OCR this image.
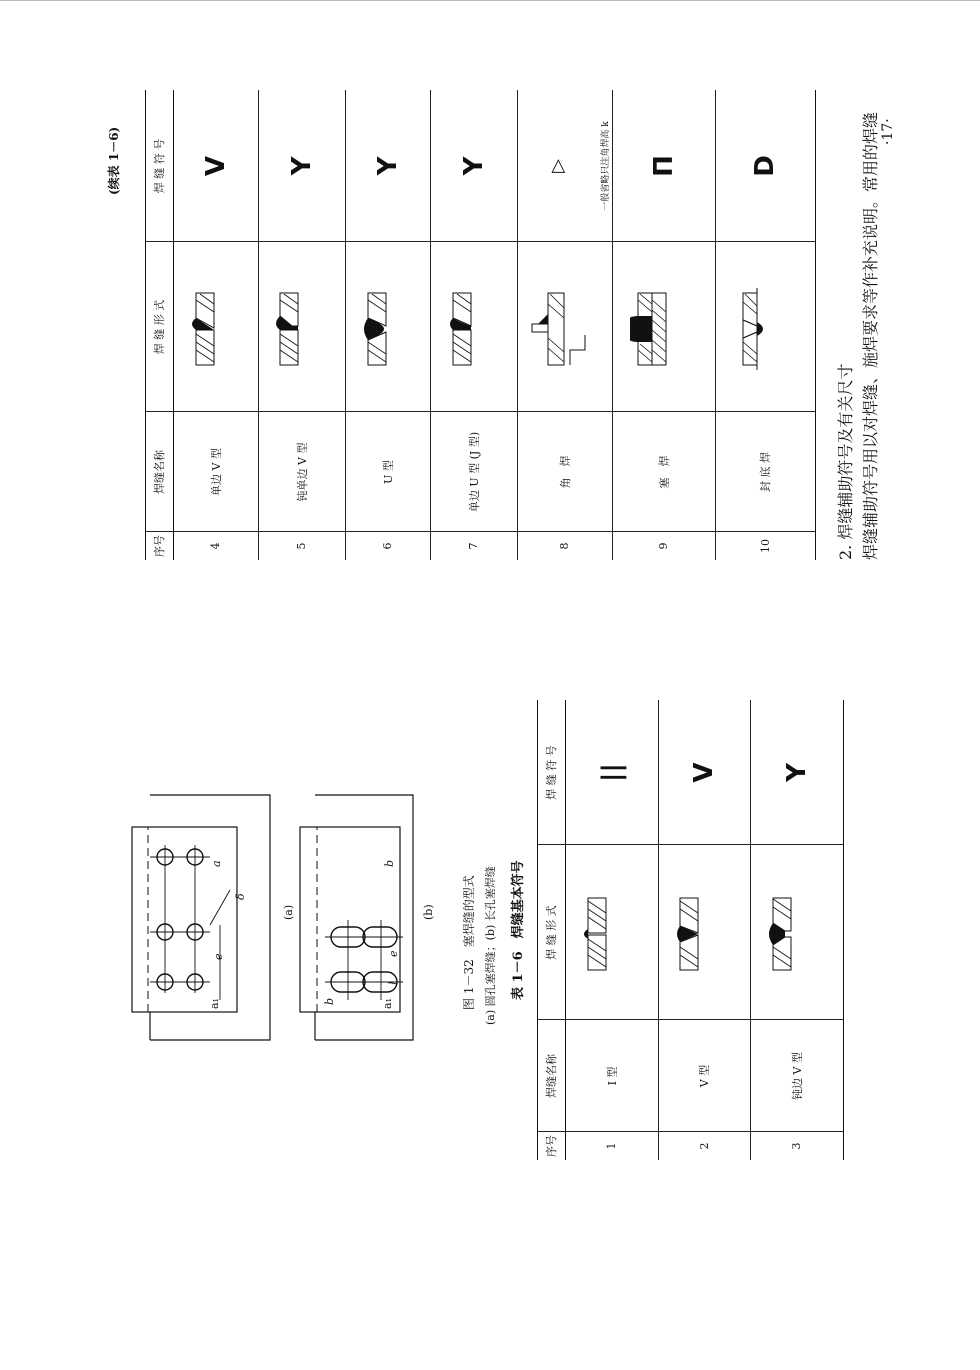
a₁
e
δ
a
(a)
a₁
l
e
b
b
(b) 图 1－32　塞焊缝的型式 (a) 圆孔塞焊缝；(b) 长孔塞焊缝	表 1－6　焊缝基本符号
序号
焊缝名称
焊 缝 形 式
焊 缝 符 号
1
I 型
||
2
V 型
V
3
钝边 V 型
Y
(续表 1－6)
序号
焊缝名称
焊 缝 形 式
焊 缝 符 号
4
单边 V 型
V
5
钝单边 V 型
Y
6
U 型
Y
7
单边 U 型 (J 型)
Y
8
角　焊
▷	一般省略只注角焊高 k
9
塞　焊
Π
10
封 底 焊
D
2. 焊缝辅助符号及有关尺寸 焊缝辅助符号用以对焊缝、施焊要求等作补充说明。常用的焊缝 ·17·
